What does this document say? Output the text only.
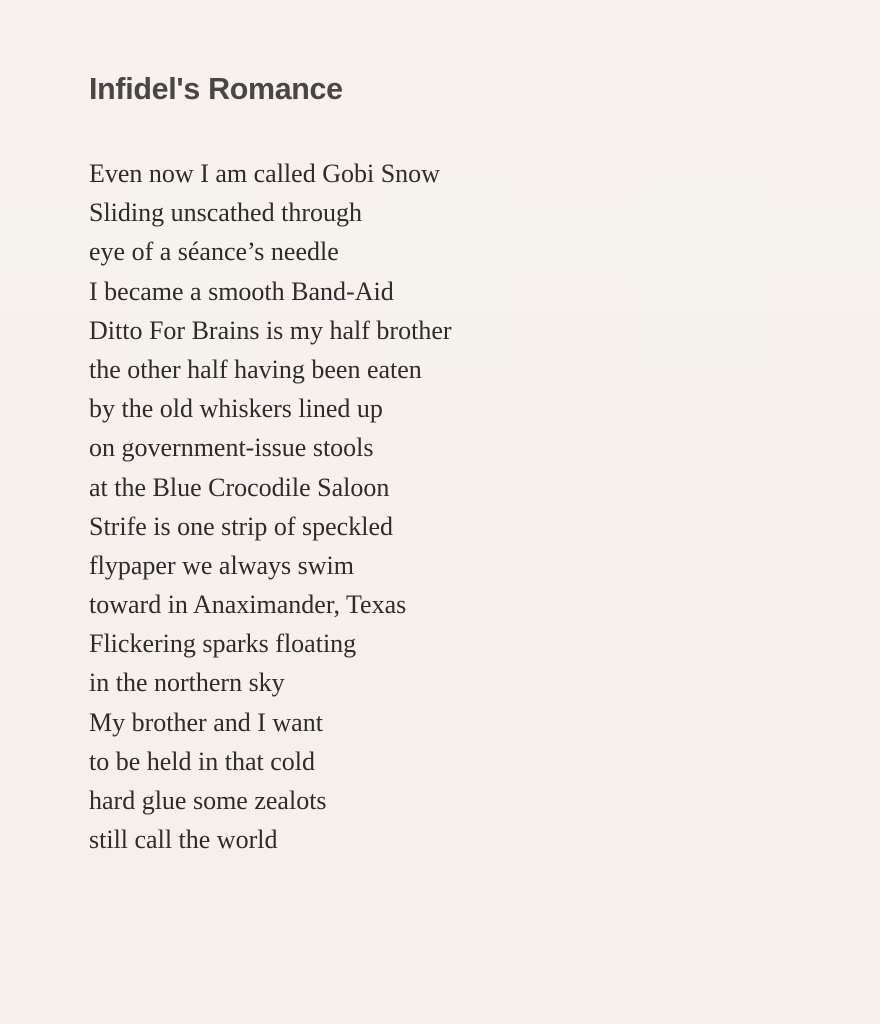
Infidel's Romance
Even now I am called Gobi Snow
Sliding unscathed through
eye of a séance’s needle
I became a smooth Band-Aid
Ditto For Brains is my half brother
the other half having been eaten
by the old whiskers lined up
on government-issue stools
at the Blue Crocodile Saloon
Strife is one strip of speckled
flypaper we always swim
toward in Anaximander, Texas
Flickering sparks floating
in the northern sky
My brother and I want
to be held in that cold
hard glue some zealots
still call the world
